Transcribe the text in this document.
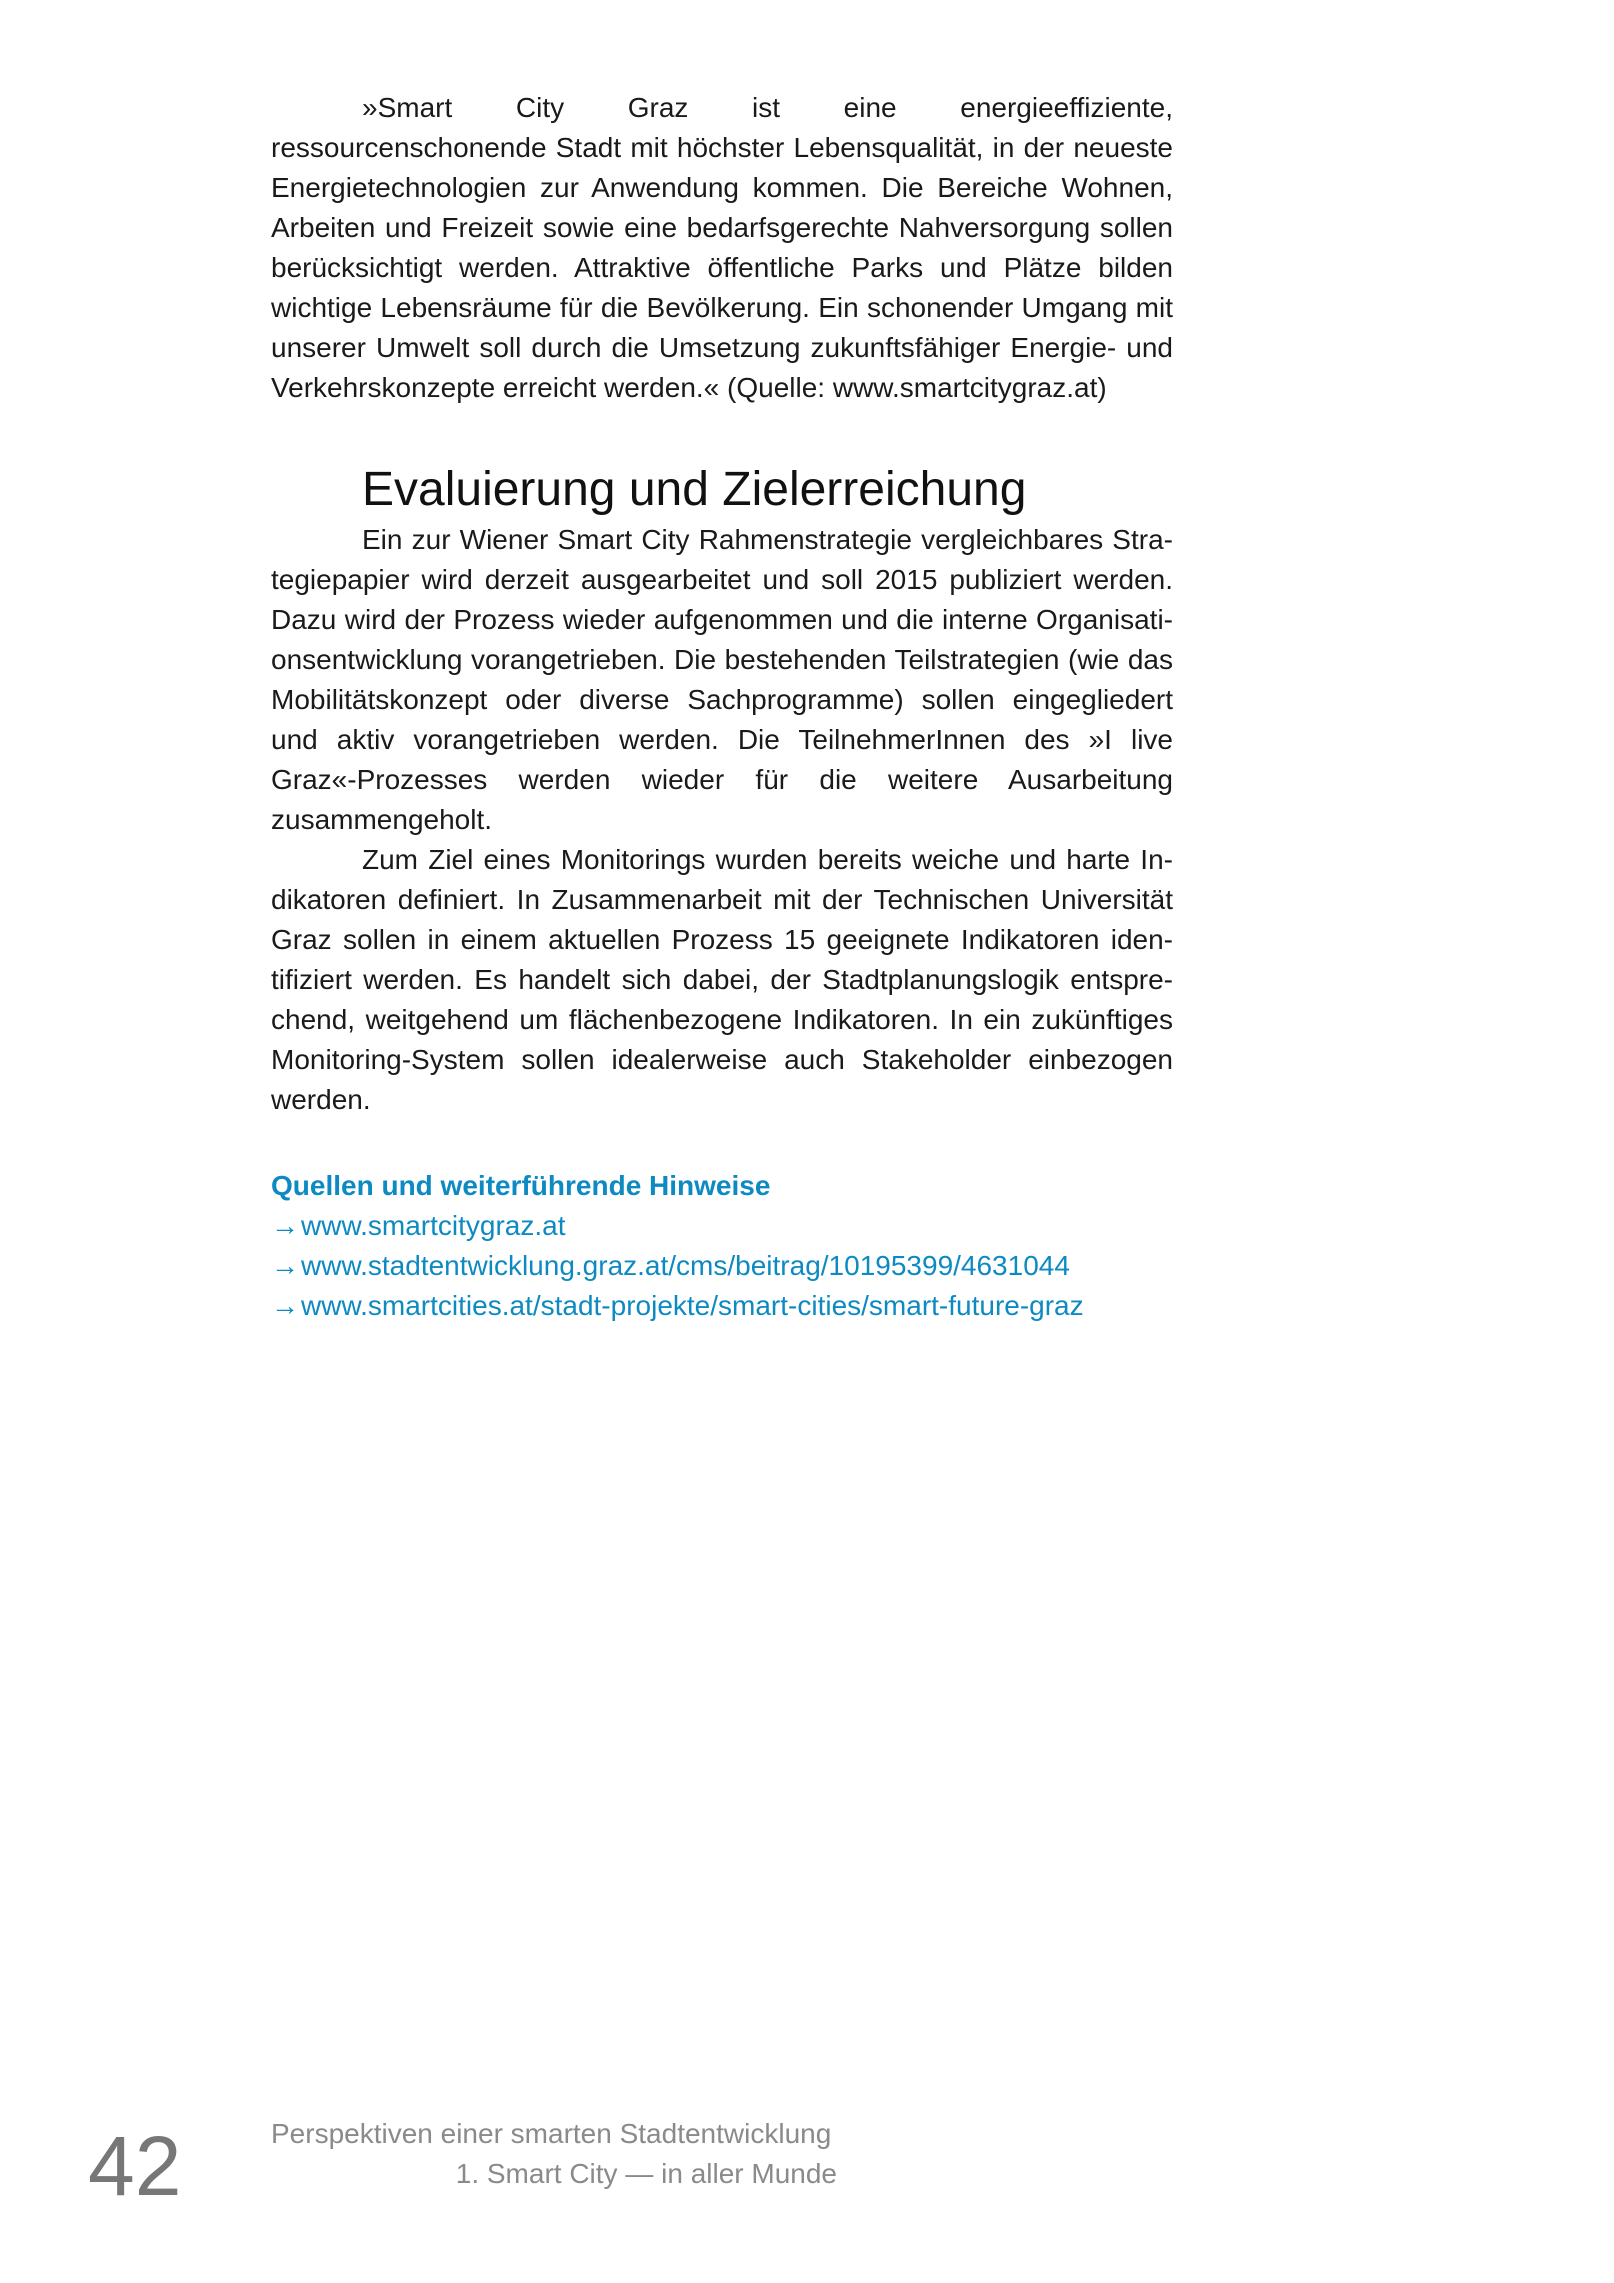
»Smart City Graz ist eine energieeffiziente, ressourcenschonende Stadt mit höchster Lebensqualität, in der neueste Energietechnologien zur Anwendung kommen. Die Bereiche Wohnen, Arbeiten und Freizeit sowie eine bedarfsgerechte Nahversorgung sollen berücksichtigt werden. Attraktive öffentliche Parks und Plätze bilden wichtige Lebensräume für die Bevölkerung. Ein schonender Umgang mit unserer Umwelt soll durch die Umsetzung zukunftsfähiger Energie- und Verkehrskonzepte erreicht werden.« (Quelle: www.smartcitygraz.at)

Evaluierung und Zielerreichung

Ein zur Wiener Smart City Rahmenstrategie vergleichbares Strategiepapier wird derzeit ausgearbeitet und soll 2015 publiziert werden. Dazu wird der Prozess wieder aufgenommen und die interne Organisationsentwicklung vorangetrieben. Die bestehenden Teilstrategien (wie das Mobilitätskonzept oder diverse Sachprogramme) sollen eingegliedert und aktiv vorangetrieben werden. Die TeilnehmerInnen des »I live Graz«-Prozesses werden wieder für die weitere Ausarbeitung zusammengeholt.

Zum Ziel eines Monitorings wurden bereits weiche und harte Indikatoren definiert. In Zusammenarbeit mit der Technischen Universität Graz sollen in einem aktuellen Prozess 15 geeignete Indikatoren identifiziert werden. Es handelt sich dabei, der Stadtplanungslogik entsprechend, weitgehend um flächenbezogene Indikatoren. In ein zukünftiges Monitoring-System sollen idealerweise auch Stakeholder einbezogen werden.

Quellen und weiterführende Hinweise
→www.smartcitygraz.at
→www.stadtentwicklung.graz.at/cms/beitrag/10195399/4631044
→www.smartcities.at/stadt-projekte/smart-cities/smart-future-graz
42	Perspektiven einer smarten Stadtentwicklung
1. Smart City — in aller Munde
